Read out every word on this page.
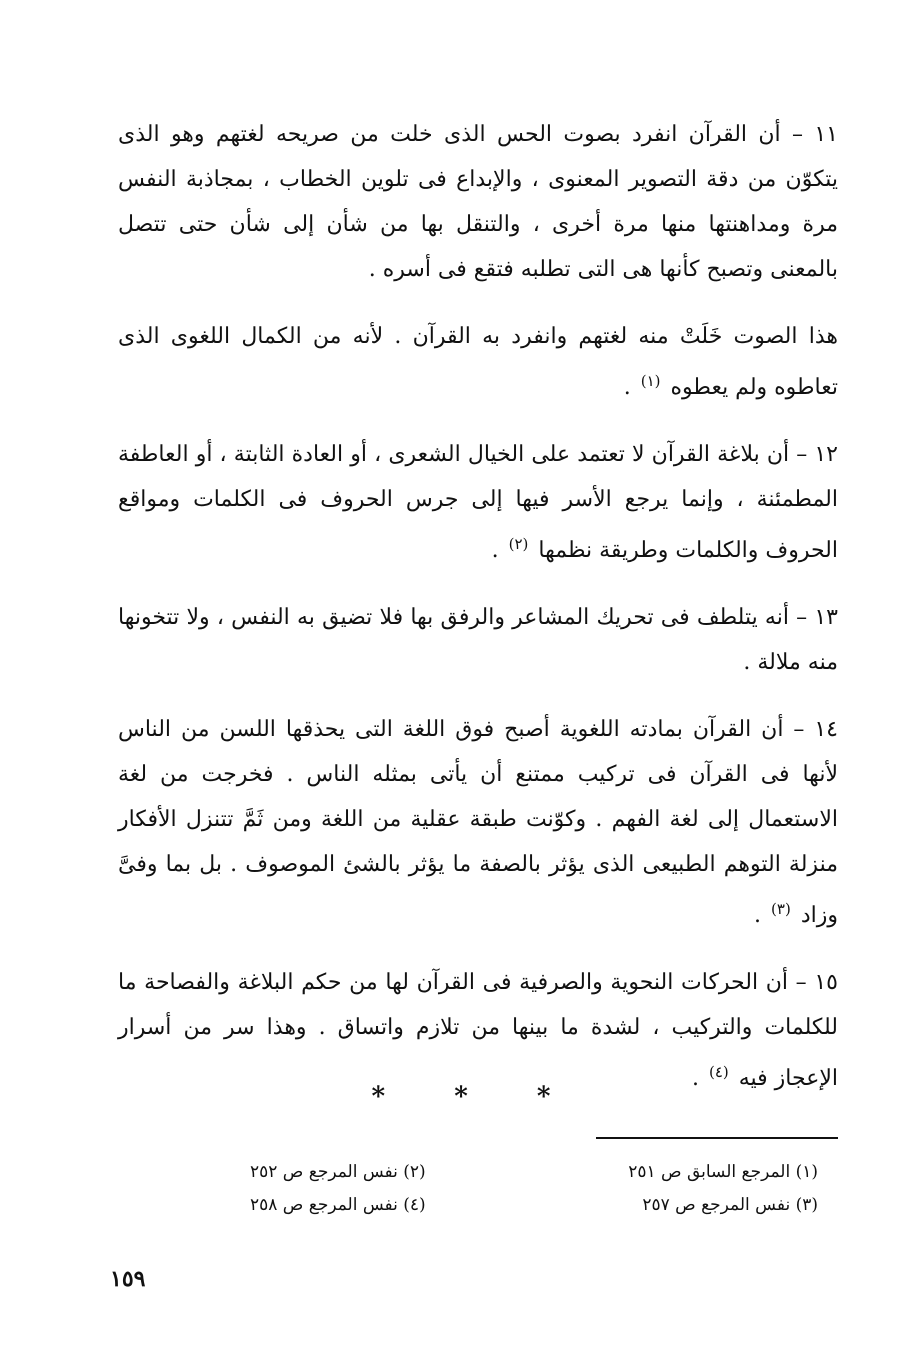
١١ – أن القرآن انفرد بصوت الحس الذى خلت من صريحه لغتهم وهو الذى يتكوّن من دقة التصوير المعنوى ، والإبداع فى تلوين الخطاب ، بمجاذبة النفس مرة ومداهنتها منها مرة أخرى ، والتنقل بها من شأن إلى شأن حتى تتصل بالمعنى وتصبح كأنها هى التى تطلبه فتقع فى أسره .

هذا الصوت خَلَتْ منه لغتهم وانفرد به القرآن . لأنه من الكمال اللغوى الذى تعاطوه ولم يعطوه $^{(١)}$ .

١٢ – أن بلاغة القرآن لا تعتمد على الخيال الشعرى ، أو العادة الثابتة ، أو العاطفة المطمئنة ، وإنما يرجع الأسر فيها إلى جرس الحروف فى الكلمات ومواقع الحروف والكلمات وطريقة نظمها $^{(٢)}$ .

١٣ – أنه يتلطف فى تحريك المشاعر والرفق بها فلا تضيق به النفس ، ولا تتخونها منه ملالة .

١٤ – أن القرآن بمادته اللغوية أصبح فوق اللغة التى يحذقها اللسن من الناس لأنها فى القرآن فى تركيب ممتنع أن يأتى بمثله الناس . فخرجت من لغة الاستعمال إلى لغة الفهم . وكوّنت طبقة عقلية من اللغة ومن ثَمَّ تتنزل الأفكار منزلة التوهم الطبيعى الذى يؤثر بالصفة ما يؤثر بالشئ الموصوف . بل بما وفىَّ وزاد $^{(٣)}$ .

١٥ – أن الحركات النحوية والصرفية فى القرآن لها من حكم البلاغة والفصاحة ما للكلمات والتركيب ، لشدة ما بينها من تلازم واتساق . وهذا سر من أسرار الإعجاز فيه $^{(٤)}$ .

* * *
(١) المرجع السابق ص ٢٥١
(٢) نفس المرجع ص ٢٥٢
(٣) نفس المرجع ص ٢٥٧
(٤) نفس المرجع ص ٢٥٨
١٥٩
